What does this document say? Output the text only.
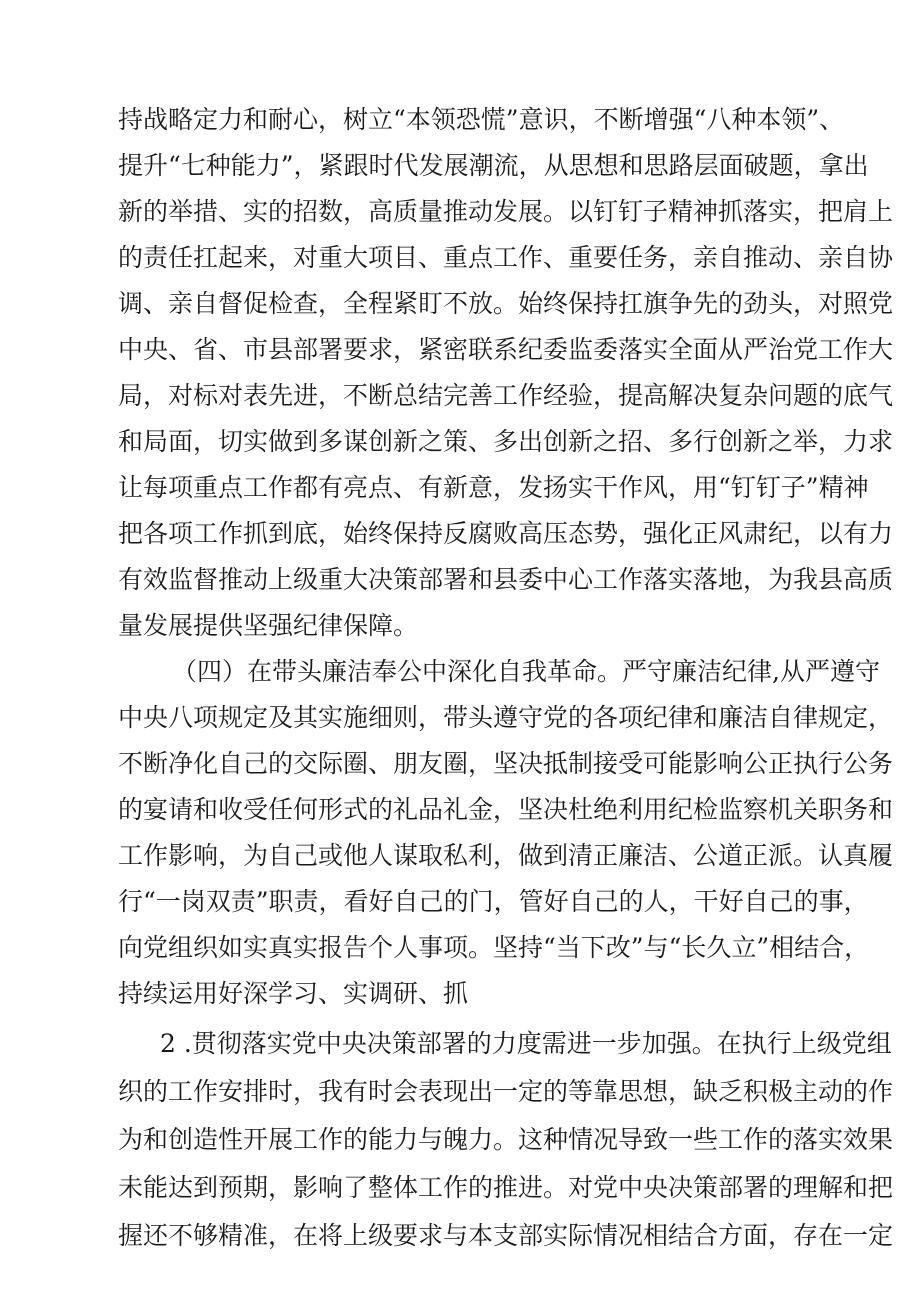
持战略定力和耐心，树立“本领恐慌”意识，不断增强“八种本领”、
提升“七种能力”，紧跟时代发展潮流，从思想和思路层面破题，拿出
新的举措、实的招数，高质量推动发展。以钉钉子精神抓落实，把肩上
的责任扛起来，对重大项目、重点工作、重要任务，亲自推动、亲自协
调、亲自督促检查，全程紧盯不放。始终保持扛旗争先的劲头，对照党
中央、省、市县部署要求，紧密联系纪委监委落实全面从严治党工作大
局，对标对表先进，不断总结完善工作经验，提高解决复杂问题的底气
和局面，切实做到多谋创新之策、多出创新之招、多行创新之举，力求
让每项重点工作都有亮点、有新意，发扬实干作风，用“钉钉子”精神
把各项工作抓到底，始终保持反腐败高压态势，强化正风肃纪，以有力
有效监督推动上级重大决策部署和县委中心工作落实落地，为我县高质
量发展提供坚强纪律保障。
（四）在带头廉洁奉公中深化自我革命。严守廉洁纪律,从严遵守
中央八项规定及其实施细则，带头遵守党的各项纪律和廉洁自律规定，
不断净化自己的交际圈、朋友圈，坚决抵制接受可能影响公正执行公务
的宴请和收受任何形式的礼品礼金，坚决杜绝利用纪检监察机关职务和
工作影响，为自己或他人谋取私利，做到清正廉洁、公道正派。认真履
行“一岗双责”职责，看好自己的门，管好自己的人，干好自己的事，
向党组织如实真实报告个人事项。坚持“当下改”与“长久立”相结合，
持续运用好深学习、实调研、抓
2 .贯彻落实党中央决策部署的力度需进一步加强。在执行上级党组
织的工作安排时，我有时会表现出一定的等靠思想，缺乏积极主动的作
为和创造性开展工作的能力与魄力。这种情况导致一些工作的落实效果
未能达到预期，影响了整体工作的推进。对党中央决策部署的理解和把
握还不够精准，在将上级要求与本支部实际情况相结合方面，存在一定
